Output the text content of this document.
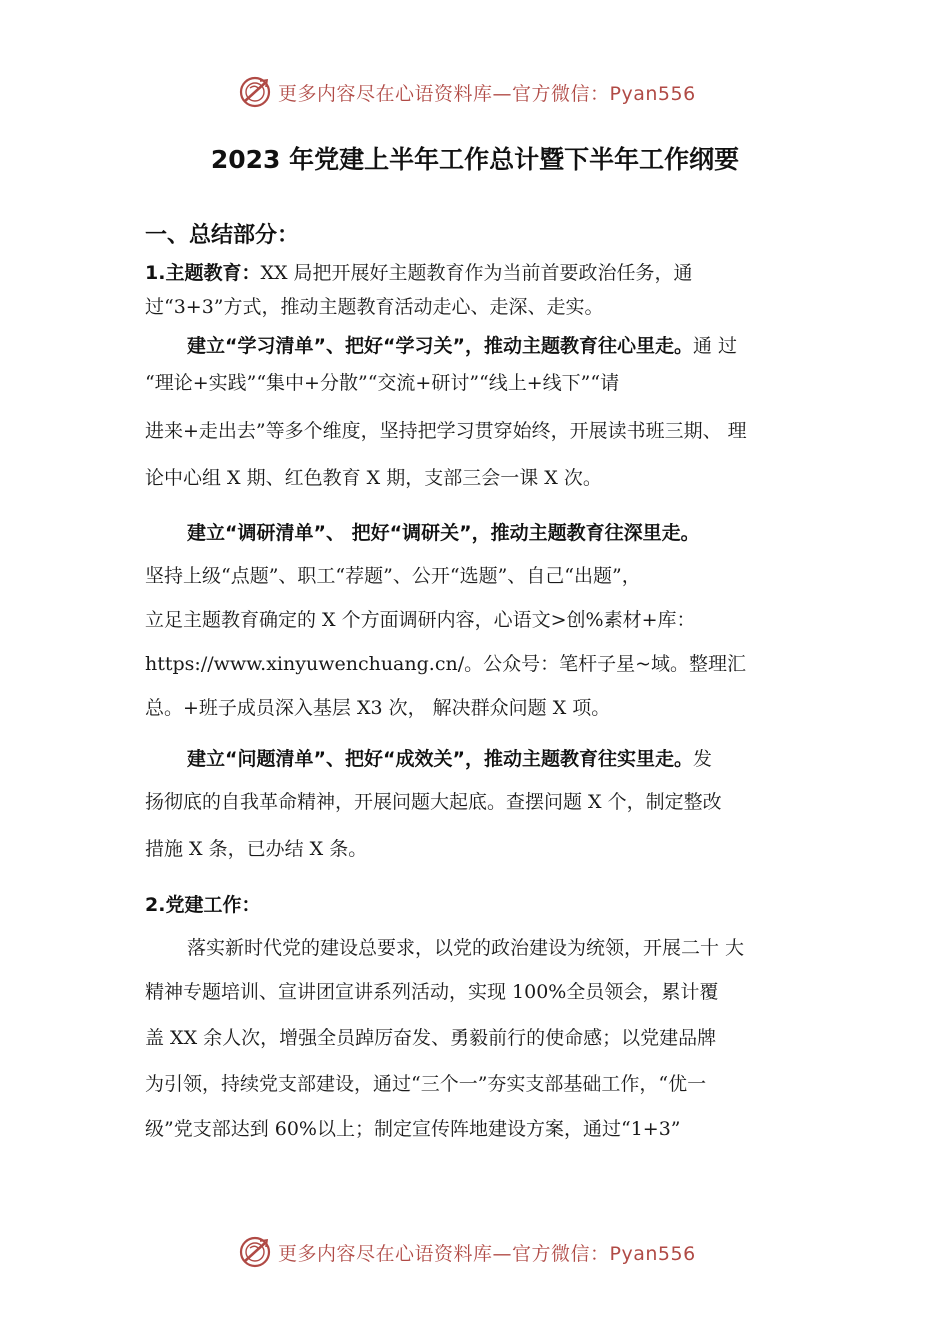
更多内容尽在心语资料库—官方微信：Pyan556
2023 年党建上半年工作总计暨下半年工作纲要
一、总结部分：

1.主题教育：XX 局把开展好主题教育作为当前首要政治任务，通

过“3+3”方式，推动主题教育活动走心、走深、走实。

建立“学习清单”、把好“学习关”，推动主题教育往心里走。通 过

“理论+实践”“集中+分散”“交流+研讨”“线上+线下”“请

进来+走出去”等多个维度，坚持把学习贯穿始终，开展读书班三期、 理

论中心组 X 期、红色教育 X 期，支部三会一课 X 次。

建立“调研清单”、 把好“调研关”，推动主题教育往深里走。

坚持上级“点题”、职工“荐题”、公开“选题”、自己“出题”，

立足主题教育确定的 X 个方面调研内容，心语文>创%素材+库：

https://www.xinyuwenchuang.cn/。公众号：笔杆子星~域。整理汇

总。+班子成员深入基层 X3 次， 解决群众问题 X 项。

建立“问题清单”、把好“成效关”，推动主题教育往实里走。发

扬彻底的自我革命精神，开展问题大起底。查摆问题 X 个，制定整改

措施 X 条，已办结 X 条。

2.党建工作：

落实新时代党的建设总要求，以党的政治建设为统领，开展二十 大

精神专题培训、宣讲团宣讲系列活动，实现 100%全员领会，累计覆

盖 XX 余人次，增强全员踔厉奋发、勇毅前行的使命感；以党建品牌

为引领，持续党支部建设，通过“三个一”夯实支部基础工作，“优一

级”党支部达到 60%以上；制定宣传阵地建设方案，通过“1+3”

更多内容尽在心语资料库—官方微信：Pyan556
